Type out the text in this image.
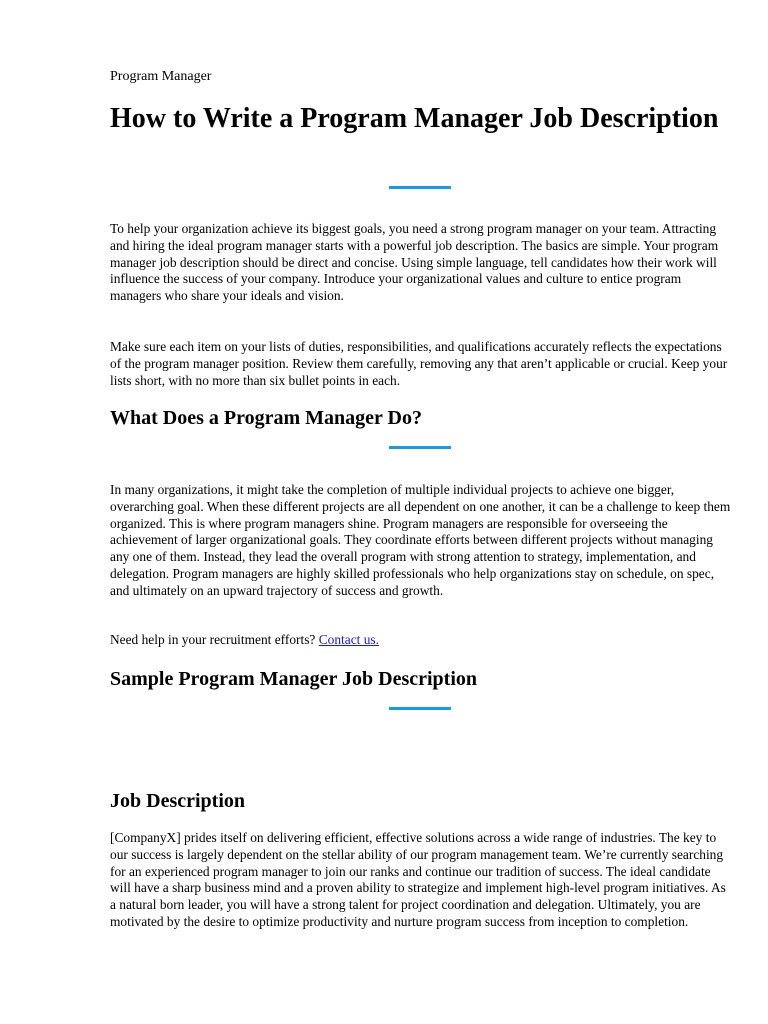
Program Manager
How to Write a Program Manager Job Description

To help your organization achieve its biggest goals, you need a strong program manager on your team. Attracting and hiring the ideal program manager starts with a powerful job description. The basics are simple. Your program manager job description should be direct and concise. Using simple language, tell candidates how their work will influence the success of your company. Introduce your organizational values and culture to entice program managers who share your ideals and vision.

Make sure each item on your lists of duties, responsibilities, and qualifications accurately reflects the expectations of the program manager position. Review them carefully, removing any that aren’t applicable or crucial. Keep your lists short, with no more than six bullet points in each.

What Does a Program Manager Do?

In many organizations, it might take the completion of multiple individual projects to achieve one bigger, overarching goal. When these different projects are all dependent on one another, it can be a challenge to keep them organized. This is where program managers shine. Program managers are responsible for overseeing the achievement of larger organizational goals. They coordinate efforts between different projects without managing any one of them. Instead, they lead the overall program with strong attention to strategy, implementation, and delegation. Program managers are highly skilled professionals who help organizations stay on schedule, on spec, and ultimately on an upward trajectory of success and growth.

Need help in your recruitment efforts? Contact us.

Sample Program Manager Job Description
Job Description

[CompanyX] prides itself on delivering efficient, effective solutions across a wide range of industries. The key to our success is largely dependent on the stellar ability of our program management team. We’re currently searching for an experienced program manager to join our ranks and continue our tradition of success. The ideal candidate will have a sharp business mind and a proven ability to strategize and implement high-level program initiatives. As a natural born leader, you will have a strong talent for project coordination and delegation. Ultimately, you are motivated by the desire to optimize productivity and nurture program success from inception to completion.
